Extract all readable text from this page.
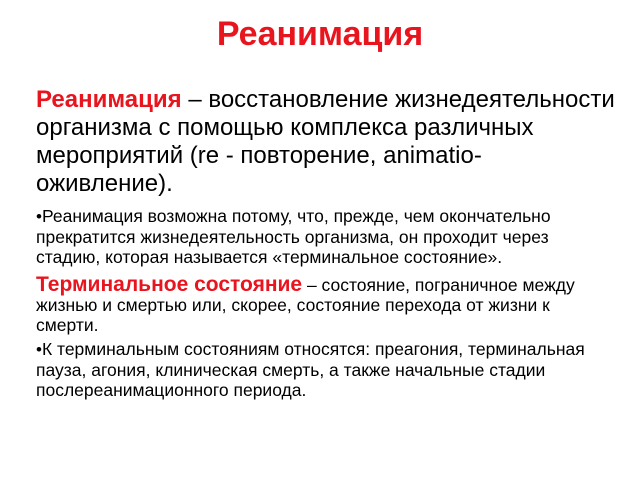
Реанимация

Реанимация – восстановление жизнедеятельности организма с помощью комплекса различных мероприятий (re - повторение, animatio- оживление).

•Реанимация возможна потому, что, прежде, чем окончательно прекратится жизнедеятельность организма, он проходит через стадию, которая называется «терминальное состояние».

Терминальное состояние – состояние, пограничное между жизнью и смертью или, скорее, состояние перехода от жизни к смерти.

•К терминальным состояниям относятся: преагония, терминальная пауза, агония, клиническая смерть, а также начальные стадии послереанимационного периода.
